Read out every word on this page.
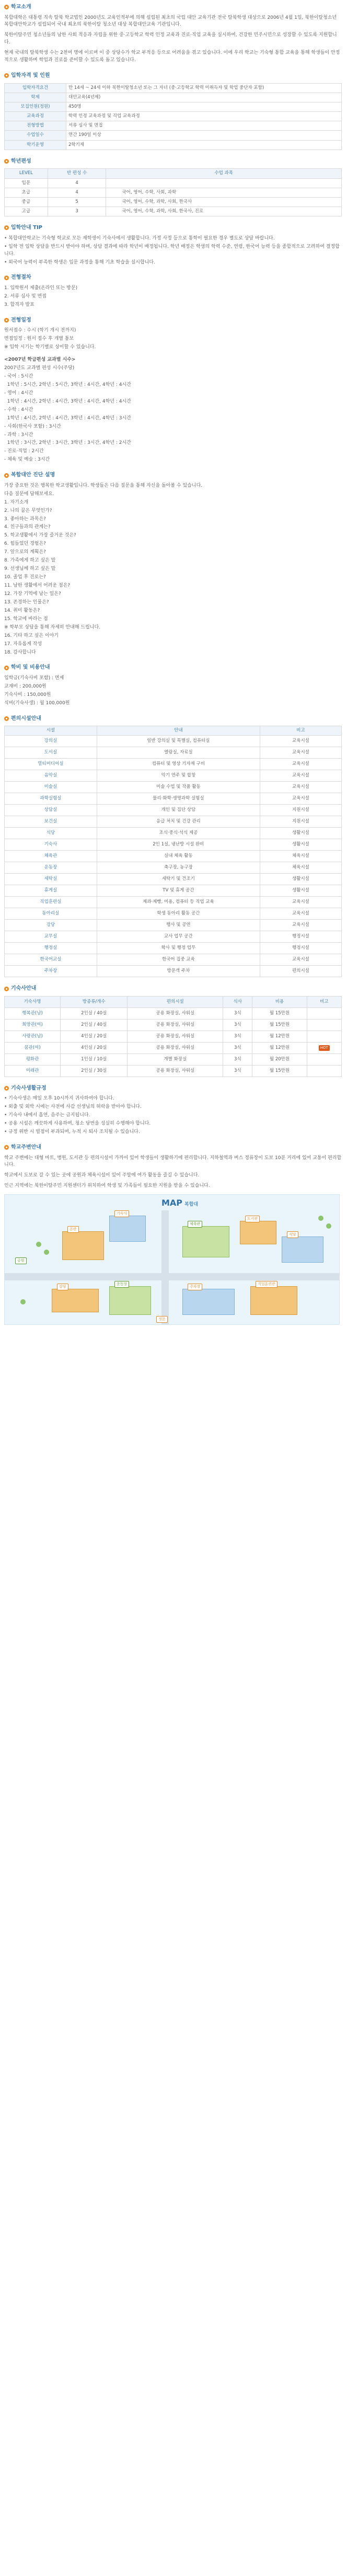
학교소개

복합대학은 대통령 직속 탈북 학교법인 2000년도 교육인적부에 의해 설립된 최초의 국립 대안 교육기관 전국 탈북학생 대상으로 2006년 4월 1일, 북한이탈청소년 복합대안학교가 설립되어 국내 최초의 북한이탈 청소년 대상 복합대안교육 기관입니다.

북한이탈주민 청소년들의 남한 사회 적응과 자립을 위한 중·고등학교 학력 인정 교육과 진로·직업 교육을 실시하여, 건강한 민주시민으로 성장할 수 있도록 지원합니다.

현재 국내의 탈북학생 수는 2천여 명에 이르며 이 중 상당수가 학교 부적응 등으로 어려움을 겪고 있습니다. 이에 우리 학교는 기숙형 통합 교육을 통해 학생들이 안정적으로 생활하며 학업과 진로를 준비할 수 있도록 돕고 있습니다.

입학자격 및 인원
입학자격요건	만 14세 ~ 24세 이하 북한이탈청소년 또는 그 자녀 (중·고등학교 학력 미취득자 및 학업 중단자 포함)
학제	대안교육(4년제)
모집인원(정원)	450명
교육과정	학력 인정 교육과정 및 직업 교육과정
전형방법	서류 심사 및 면접
수업일수	연간 190일 이상
학기운영	2학기제
학년편성
LEVEL	반 편성 수	수업 과목
입문	4	
초급	4	국어, 영어, 수학, 사회, 과학
중급	5	국어, 영어, 수학, 과학, 사회, 한국사
고급	3	국어, 영어, 수학, 과학, 사회, 한국사, 진로
입학안내 TIP
• 복합대안학교는 기숙형 학교로 모든 재학생이 기숙사에서 생활합니다. 가정 사정 등으로 통학이 필요한 경우 별도로 상담 바랍니다.
• 입학 전 입학 상담을 반드시 받아야 하며, 상담 결과에 따라 학년이 배정됩니다. 학년 배정은 학생의 학력 수준, 연령, 한국어 능력 등을 종합적으로 고려하여 결정합니다.
• 외국어 능력이 부족한 학생은 입문 과정을 통해 기초 학습을 실시합니다.
전형절차
1. 입학원서 제출(온라인 또는 방문)
2. 서류 심사 및 면접
3. 합격자 발표
전형일정
원서접수 : 수시 (학기 개시 전까지)
면접일정 : 원서 접수 후 개별 통보
※ 입학 시기는 학기별로 상이할 수 있습니다.
<2007년 학급편성 교과별 시수>
2007년도 교과별 편성 시수(주당)
- 국어 : 5시간
1학년 : 5시간, 2학년 : 5시간, 3학년 : 4시간, 4학년 : 4시간
- 영어 : 4시간
1학년 : 4시간, 2학년 : 4시간, 3학년 : 4시간, 4학년 : 4시간
- 수학 : 4시간
1학년 : 4시간, 2학년 : 4시간, 3학년 : 4시간, 4학년 : 3시간
- 사회(한국사 포함) : 3시간
- 과학 : 3시간
1학년 : 3시간, 2학년 : 3시간, 3학년 : 3시간, 4학년 : 2시간
- 진로·직업 : 2시간
- 체육 및 예술 : 3시간
복합대안 진단 설명
가장 중요한 것은 행복한 학교생활입니다. 학생들은 다음 질문을 통해 자신을 돌아볼 수 있습니다.
다음 질문에 답해보세요.
1. 자기소개
2. 나의 꿈은 무엇인가?
3. 좋아하는 과목은?
4. 친구들과의 관계는?
5. 학교생활에서 가장 즐거운 것은?
6. 힘들었던 경험은?
7. 앞으로의 계획은?
8. 가족에게 하고 싶은 말
9. 선생님께 하고 싶은 말
10. 졸업 후 진로는?
11. 남한 생활에서 어려운 점은?
12. 가장 기억에 남는 일은?
13. 존경하는 인물은?
14. 취미 활동은?
15. 학교에 바라는 점
※ 학부모 상담을 통해 자세히 안내해 드립니다.
16. 기타 하고 싶은 이야기
17. 자유롭게 작성
18. 감사합니다
학비 및 비용안내
입학금(기숙사비 포함) : 면제
교재비 : 200,000원
기숙사비 : 150,000원
식비(기숙사생) : 월 100,000원
편의시설안내
시설	안내	비고
강의실	일반 강의실 및 특별실, 컴퓨터실	교육시설
도서실	열람실, 자료실	교육시설
멀티미디어실	컴퓨터 및 영상 기자재 구비	교육시설
음악실	악기 연주 및 합창	교육시설
미술실	미술 수업 및 작품 활동	교육시설
과학실험실	물리·화학·생명과학 실험실	교육시설
상담실	개인 및 집단 상담	지원시설
보건실	응급 처치 및 건강 관리	지원시설
식당	조식·중식·석식 제공	생활시설
기숙사	2인 1실, 냉난방 시설 완비	생활시설
체육관	실내 체육 활동	체육시설
운동장	축구장, 농구장	체육시설
세탁실	세탁기 및 건조기	생활시설
휴게실	TV 및 휴게 공간	생활시설
직업훈련실	제과·제빵, 미용, 컴퓨터 등 직업 교육	교육시설
동아리실	학생 동아리 활동 공간	교육시설
강당	행사 및 공연	교육시설
교무실	교사 업무 공간	행정시설
행정실	학사 및 행정 업무	행정시설
한국어교실	한국어 집중 교육	교육시설
주차장	방문객 주차	편의시설
기숙사안내
기숙사명	방종류/개수	편의시설	식사	비용	비고
행복관(남)	2인실 / 40실	공용 화장실, 샤워실	3식	월 15만원	
희망관(여)	2인실 / 40실	공용 화장실, 샤워실	3식	월 15만원	
사랑관(남)	4인실 / 20실	공용 화장실, 샤워실	3식	월 12만원	
꿈관(여)	4인실 / 20실	공용 화장실, 샤워실	3식	월 12만원	HOT
평화관	1인실 / 10실	개별 화장실	3식	월 20만원	
미래관	2인실 / 30실	공용 화장실, 샤워실	3식	월 15만원	
기숙사생활규정
• 기숙사생은 매일 오후 10시까지 귀사하여야 합니다.
• 외출 및 외박 시에는 사전에 사감 선생님의 허락을 받아야 합니다.
• 기숙사 내에서 흡연, 음주는 금지됩니다.
• 공용 시설은 깨끗하게 사용하며, 청소 당번을 성실히 수행해야 합니다.
• 규정 위반 시 벌점이 부과되며, 누적 시 퇴사 조치될 수 있습니다.
학교주변안내

학교 주변에는 대형 마트, 병원, 도서관 등 편의시설이 가까이 있어 학생들이 생활하기에 편리합니다. 지하철역과 버스 정류장이 도보 10분 거리에 있어 교통이 편리합니다.

학교에서 도보로 갈 수 있는 곳에 공원과 체육시설이 있어 주말에 여가 활동을 즐길 수 있습니다.

인근 지역에는 북한이탈주민 지원센터가 위치하여 학생 및 가족들이 필요한 지원을 받을 수 있습니다.

MAP 복합대
본관
기숙사
체육관
도서관
식당
강당
운동장
정문
주차장
공원
직업훈련관
